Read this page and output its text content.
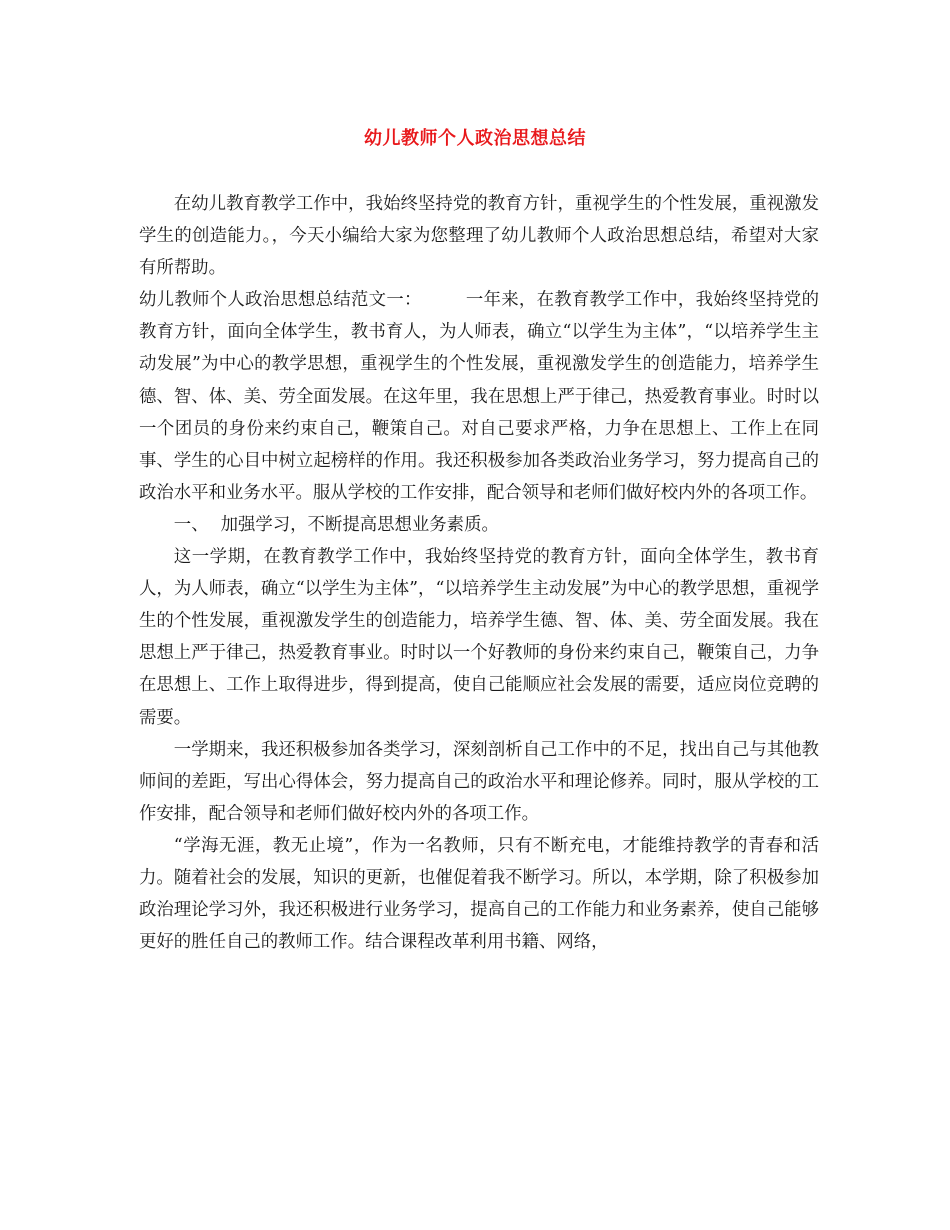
幼儿教师个人政治思想总结

在幼儿教育教学工作中，我始终坚持党的教育方针，重视学生的个性发展，重视激发学生的创造能力。，今天小编给大家为您整理了幼儿教师个人政治思想总结，希望对大家有所帮助。

幼儿教师个人政治思想总结范文一：	一年来，在教育教学工作中，我始终坚持党的教育方针，面向全体学生，教书育人，为人师表，确立“以学生为主体”，“以培养学生主动发展”为中心的教学思想，重视学生的个性发展，重视激发学生的创造能力，培养学生德、智、体、美、劳全面发展。在这年里，我在思想上严于律己，热爱教育事业。时时以一个团员的身份来约束自己，鞭策自己。对自己要求严格，力争在思想上、工作上在同事、学生的心目中树立起榜样的作用。我还积极参加各类政治业务学习，努力提高自己的政治水平和业务水平。服从学校的工作安排，配合领导和老师们做好校内外的各项工作。

一、 加强学习，不断提高思想业务素质。

这一学期，在教育教学工作中，我始终坚持党的教育方针，面向全体学生，教书育人，为人师表，确立“以学生为主体”，“以培养学生主动发展”为中心的教学思想，重视学生的个性发展，重视激发学生的创造能力，培养学生德、智、体、美、劳全面发展。我在思想上严于律己，热爱教育事业。时时以一个好教师的身份来约束自己，鞭策自己，力争在思想上、工作上取得进步，得到提高，使自己能顺应社会发展的需要，适应岗位竞聘的需要。

一学期来，我还积极参加各类学习，深刻剖析自己工作中的不足，找出自己与其他教师间的差距，写出心得体会，努力提高自己的政治水平和理论修养。同时，服从学校的工作安排，配合领导和老师们做好校内外的各项工作。

“学海无涯，教无止境”，作为一名教师，只有不断充电，才能维持教学的青春和活力。随着社会的发展，知识的更新，也催促着我不断学习。所以，本学期，除了积极参加政治理论学习外，我还积极进行业务学习，提高自己的工作能力和业务素养，使自己能够更好的胜任自己的教师工作。结合课程改革利用书籍、网络，
